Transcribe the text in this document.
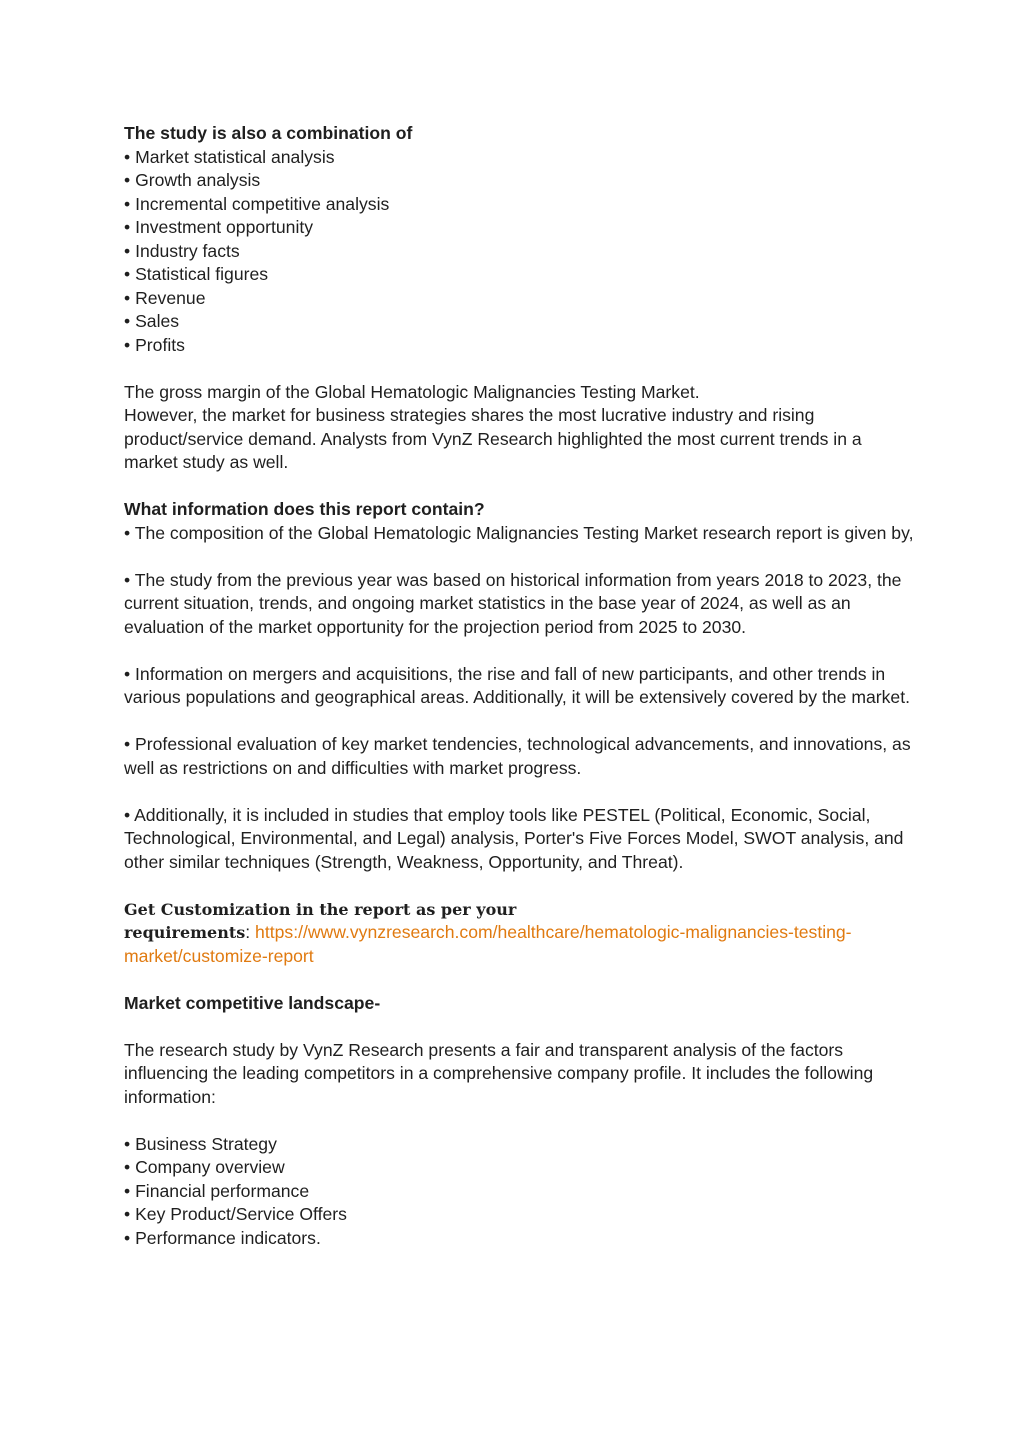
The study is also a combination of

• Market statistical analysis
• Growth analysis
• Incremental competitive analysis
• Investment opportunity
• Industry facts
• Statistical figures
• Revenue
• Sales
• Profits

The gross margin of the Global Hematologic Malignancies Testing Market.

However, the market for business strategies shares the most lucrative industry and rising product/service demand. Analysts from VynZ Research highlighted the most current trends in a market study as well.

What information does this report contain?

• The composition of the Global Hematologic Malignancies Testing Market research report is given by,

• The study from the previous year was based on historical information from years 2018 to 2023, the current situation, trends, and ongoing market statistics in the base year of 2024, as well as an evaluation of the market opportunity for the projection period from 2025 to 2030.

• Information on mergers and acquisitions, the rise and fall of new participants, and other trends in various populations and geographical areas. Additionally, it will be extensively covered by the market.

• Professional evaluation of key market tendencies, technological advancements, and innovations, as well as restrictions on and difficulties with market progress.

• Additionally, it is included in studies that employ tools like PESTEL (Political, Economic, Social, Technological, Environmental, and Legal) analysis, Porter's Five Forces Model, SWOT analysis, and other similar techniques (Strength, Weakness, Opportunity, and Threat).

Get Customization in the report as per your
requirements: https://www.vynzresearch.com/healthcare/hematologic-malignancies-testing-
market/customize-report

Market competitive landscape-

The research study by VynZ Research presents a fair and transparent analysis of the factors influencing the leading competitors in a comprehensive company profile. It includes the following information:

• Business Strategy
• Company overview
• Financial performance
• Key Product/Service Offers
• Performance indicators.
